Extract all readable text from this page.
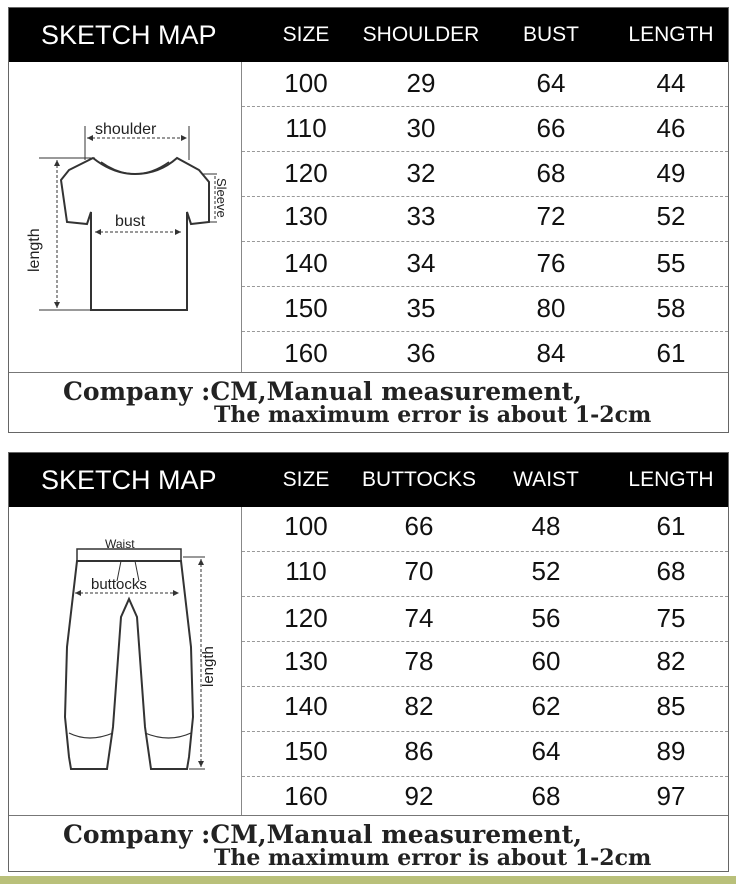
SKETCH MAP	SIZE SHOULDER BUST LENGTH
shoulder
bust
length
Sleeve
100	29	64	44
110	30	66	46
120	32	68	49
130	33	72	52
140	34	76	55
150	35	80	58
160	36	84	61
Company :CM,Manual measurement,
The maximum error is about 1-2cm
SKETCH MAP	SIZE BUTTOCKS WAIST LENGTH
Waist
buttocks
length
100	66	48	61
110	70	52	68
120	74	56	75
130	78	60	82
140	82	62	85
150	86	64	89
160	92	68	97
Company :CM,Manual measurement,
The maximum error is about 1-2cm
